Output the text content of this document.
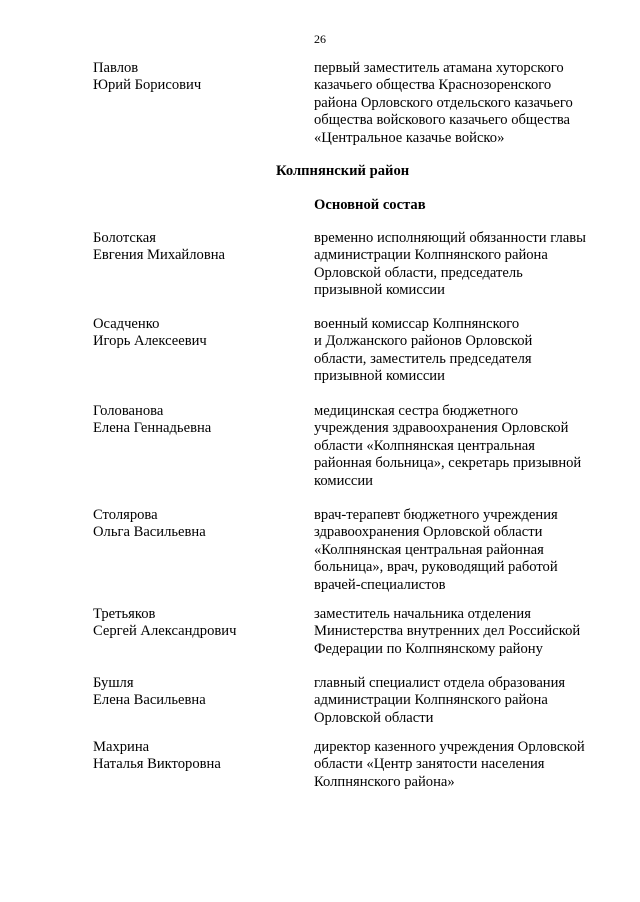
26
Павлов
Юрий Борисович
первый заместитель атамана хуторского
казачьего общества Краснозоренского
района Орловского отдельского казачьего
общества войскового казачьего общества
«Центральное казачье войско»
Колпнянский район
Основной состав
Болотская
Евгения Михайловна
временно исполняющий обязанности главы
администрации Колпнянского района
Орловской области, председатель
призывной комиссии
Осадченко
Игорь Алексеевич
военный комиссар Колпнянского
и Должанского районов Орловской
области, заместитель председателя
призывной комиссии
Голованова
Елена Геннадьевна
медицинская сестра бюджетного
учреждения здравоохранения Орловской
области «Колпнянская центральная
районная больница», секретарь призывной
комиссии
Столярова
Ольга Васильевна
врач-терапевт бюджетного учреждения
здравоохранения Орловской области
«Колпнянская центральная районная
больница», врач, руководящий работой
врачей-специалистов
Третьяков
Сергей Александрович
заместитель начальника отделения
Министерства внутренних дел Российской
Федерации по Колпнянскому району
Бушля
Елена Васильевна
главный специалист отдела образования
администрации Колпнянского района
Орловской области
Махрина
Наталья Викторовна
директор казенного учреждения Орловской
области «Центр занятости населения
Колпнянского района»
